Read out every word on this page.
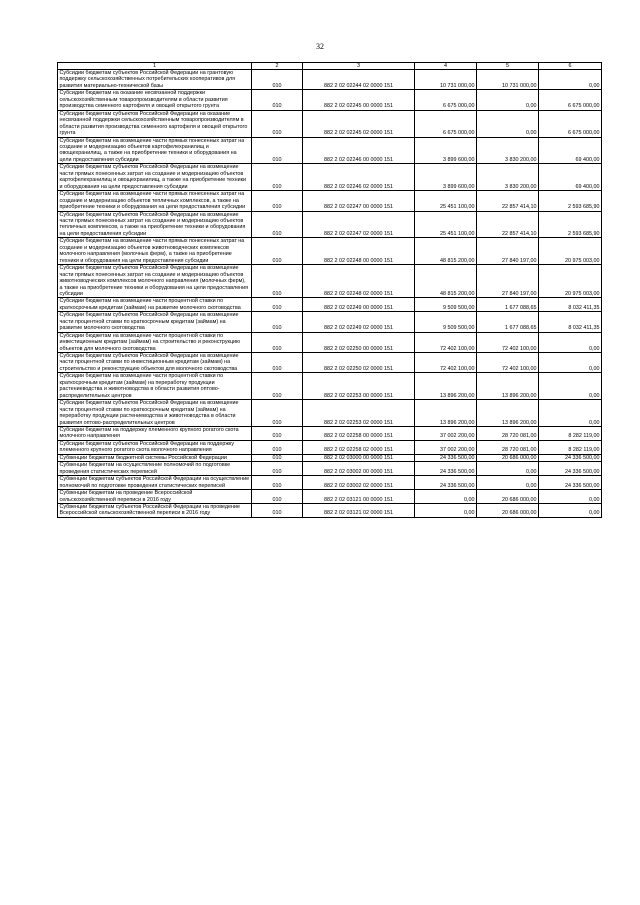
32
1	2	3	4	5	6
Субсидии бюджетам субъектов Российской Федерации на грантовую поддержку сельскохозяйственных потребительских кооперативов для развития материально-технической базы	010	882 2 02 02244 02 0000 151	10 731 000,00	10 731 000,00	0,00
Субсидии бюджетам на оказание несвязанной поддержки сельскохозяйственным товаропроизводителям в области развития производства семенного картофеля и овощей открытого грунта	010	882 2 02 02245 00 0000 151	6 675 000,00	0,00	6 675 000,00
Субсидии бюджетам субъектов Российской Федерации на оказание несвязанной поддержки сельскохозяйственным товаропроизводителям в области развития производства семенного картофеля и овощей открытого грунта	010	882 2 02 02245 02 0000 151	6 675 000,00	0,00	6 675 000,00
Субсидии бюджетам на возмещение части прямых понесенных затрат на создание и модернизацию объектов картофелехранилищ и овощехранилищ, а также на приобретение техники и оборудования на цели предоставления субсидии	010	882 2 02 02246 00 0000 151	3 899 600,00	3 830 200,00	69 400,00
Субсидии бюджетам субъектов Российской Федерации на возмещение части прямых понесенных затрат на создание и модернизацию объектов картофелехранилищ и овощехранилищ, а также на приобретение техники и оборудования на цели предоставления субсидии	010	882 2 02 02246 02 0000 151	3 899 600,00	3 830 200,00	69 400,00
Субсидии бюджетам на возмещение части прямых понесенных затрат на создание и модернизацию объектов тепличных комплексов, а также на приобретение техники и оборудования на цели предоставления субсидии	010	882 2 02 02247 00 0000 151	25 451 100,00	22 857 414,10	2 593 685,90
Субсидии бюджетам субъектов Российской Федерации на возмещение части прямых понесенных затрат на создание и модернизацию объектов тепличных комплексов, а также на приобретение техники и оборудования на цели предоставления субсидии	010	882 2 02 02247 02 0000 151	25 451 100,00	22 857 414,10	2 593 685,90
Субсидии бюджетам на возмещение части прямых понесенных затрат на создание и модернизацию объектов животноводческих комплексов молочного направления (молочных ферм), а также на приобретение техники и оборудования на цели предоставления субсидии	010	882 2 02 02248 00 0000 151	48 815 200,00	27 840 197,00	20 975 003,00
Субсидии бюджетам субъектов Российской Федерации на возмещение части прямых понесенных затрат на создание и модернизацию объектов животноводческих комплексов молочного направления (молочных ферм), а также на приобретение техники и оборудования на цели предоставления субсидии	010	882 2 02 02248 02 0000 151	48 815 200,00	27 840 197,00	20 975 003,00
Субсидии бюджетам на возмещение части процентной ставки по краткосрочным кредитам (займам) на развитие молочного скотоводства	010	882 2 02 02249 00 0000 151	9 509 500,00	1 677 088,65	8 032 411,35
Субсидии бюджетам субъектов Российской Федерации на возмещение части процентной ставки по краткосрочным кредитам (займам) на развитие молочного скотоводства	010	882 2 02 02249 02 0000 151	9 509 500,00	1 677 088,65	8 032 411,35
Субсидии бюджетам на возмещение части процентной ставки по инвестиционным кредитам (займам) на строительство и реконструкцию объектов для молочного скотоводства	010	882 2 02 02250 00 0000 151	72 402 100,00	72 402 100,00	0,00
Субсидии бюджетам субъектов Российской Федерации на возмещение части процентной ставки по инвестиционным кредитам (займам) на строительство и реконструкцию объектов для молочного скотоводства	010	882 2 02 02250 02 0000 151	72 402 100,00	72 402 100,00	0,00
Субсидии бюджетам на возмещение части процентной ставки по краткосрочным кредитам (займам) на переработку продукции растениеводства и животноводства в области развития оптово-распределительных центров	010	882 2 02 02253 00 0000 151	13 896 200,00	13 896 200,00	0,00
Субсидии бюджетам субъектов Российской Федерации на возмещение части процентной ставки по краткосрочным кредитам (займам) на переработку продукции растениеводства и животноводства в области развития оптово-распределительных центров	010	882 2 02 02253 02 0000 151	13 896 200,00	13 896 200,00	0,00
Субсидии бюджетам на поддержку племенного крупного рогатого скота молочного направления	010	882 2 02 02258 00 0000 151	37 002 200,00	28 720 081,00	8 282 119,00
Субсидии бюджетам субъектов Российской Федерации на поддержку племенного крупного рогатого скота молочного направления	010	882 2 02 02258 02 0000 151	37 002 200,00	28 720 081,00	8 282 119,00
Субвенции бюджетам бюджетной системы Российской Федерации	010	882 2 02 03000 00 0000 151	24 336 500,00	20 686 000,00	24 336 500,00
Субвенции бюджетам на осуществление полномочий по подготовке проведения статистических переписей	010	882 2 02 03002 00 0000 151	24 336 500,00	0,00	24 336 500,00
Субвенции бюджетам субъектов Российской Федерации на осуществление полномочий по подготовке проведения статистических переписей	010	882 2 02 03002 02 0000 151	24 336 500,00	0,00	24 336 500,00
Субвенции бюджетам на проведение Всероссийской сельскохозяйственной переписи в 2016 году	010	882 2 02 03121 00 0000 151	0,00	20 686 000,00	0,00
Субвенции бюджетам субъектов Российской Федерации на проведение Всероссийской сельскохозяйственной переписи в 2016 году	010	882 2 02 03121 02 0000 151	0,00	20 686 000,00	0,00
